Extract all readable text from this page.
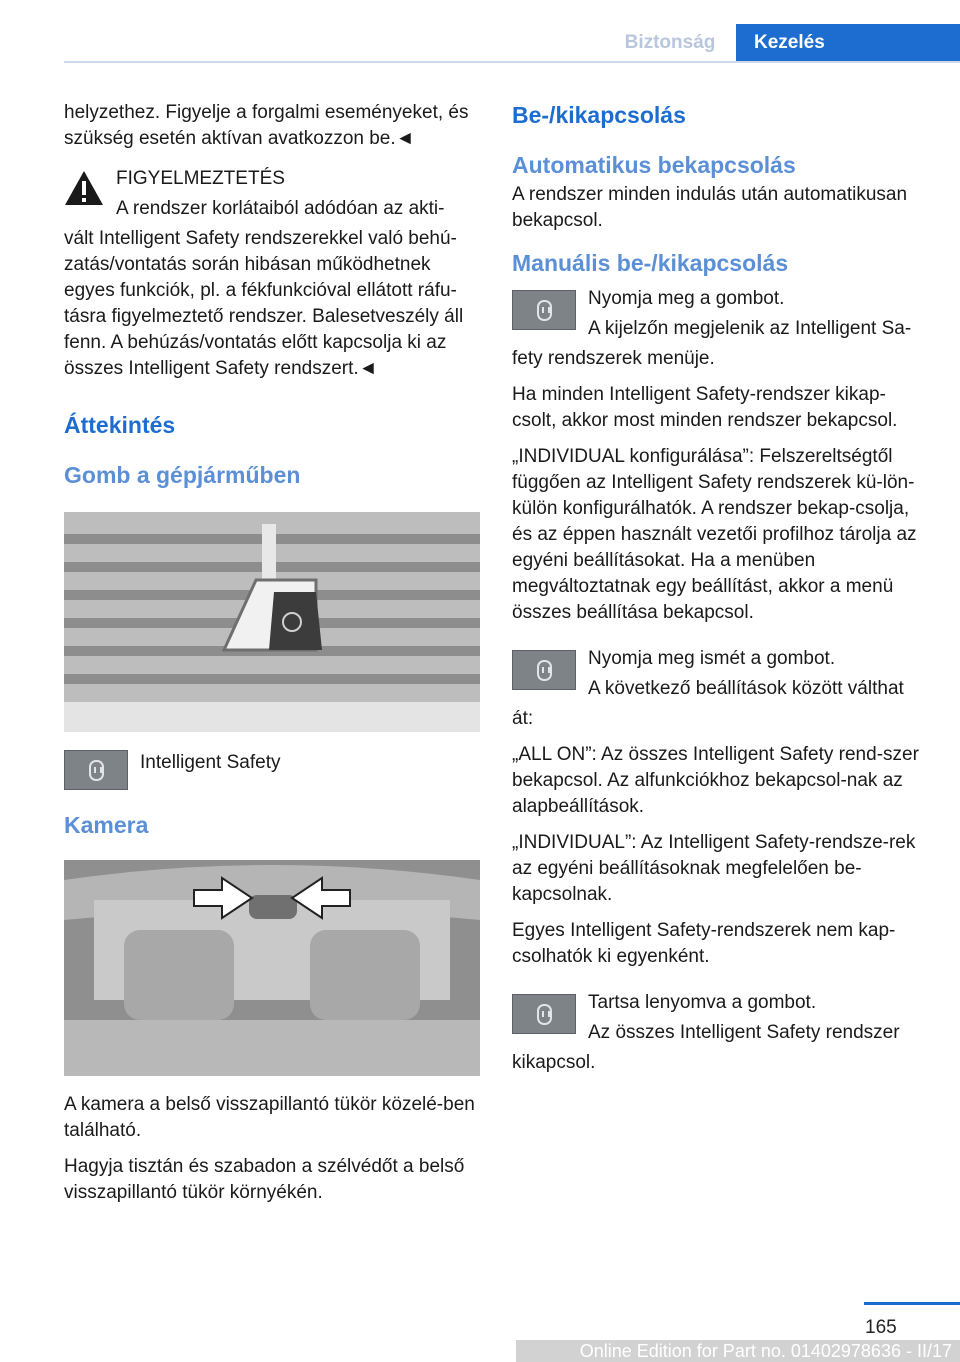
Biztonság	Kezelés

helyzethez. Figyelje a forgalmi eseményeket, és szükség esetén aktívan avatkozzon be.◄

FIGYELMEZTETÉS
A rendszer korlátaiból adódóan az akti-

vált Intelligent Safety rendszerekkel való behú-zatás/vontatás során hibásan működhetnek egyes funkciók, pl. a fékfunkcióval ellátott ráfu-tásra figyelmeztető rendszer. Balesetveszély áll fenn. A behúzás/vontatás előtt kapcsolja ki az összes Intelligent Safety rendszert.◄

Áttekintés
Gomb a gépjárműben
Intelligent Safety
Kamera

A kamera a belső visszapillantó tükör közelé-ben található.

Hagyja tisztán és szabadon a szélvédőt a belső visszapillantó tükör környékén.

Be-/kikapcsolás
Automatikus bekapcsolás

A rendszer minden indulás után automatikusan bekapcsol.

Manuális be-/kikapcsolás
Nyomja meg a gombot.
A kijelzőn megjelenik az Intelligent Sa-

fety rendszerek menüje.

Ha minden Intelligent Safety-rendszer kikap-csolt, akkor most minden rendszer bekapcsol.

„INDIVIDUAL konfigurálása”: Felszereltségtől függően az Intelligent Safety rendszerek kü-lön-külön konfigurálhatók. A rendszer bekap-csolja, és az éppen használt vezetői profilhoz tárolja az egyéni beállításokat. Ha a menüben megváltoztatnak egy beállítást, akkor a menü összes beállítása bekapcsol.

Nyomja meg ismét a gombot.
A következő beállítások között válthat

át:

„ALL ON”: Az összes Intelligent Safety rend-szer bekapcsol. Az alfunkciókhoz bekapcsol-nak az alapbeállítások.

„INDIVIDUAL”: Az Intelligent Safety-rendsze-rek az egyéni beállításoknak megfelelően be-kapcsolnak.

Egyes Intelligent Safety-rendszerek nem kap-csolhatók ki egyenként.

Tartsa lenyomva a gombot.
Az összes Intelligent Safety rendszer

kikapcsol.

165
Online Edition for Part no. 01402978636 - II/17
